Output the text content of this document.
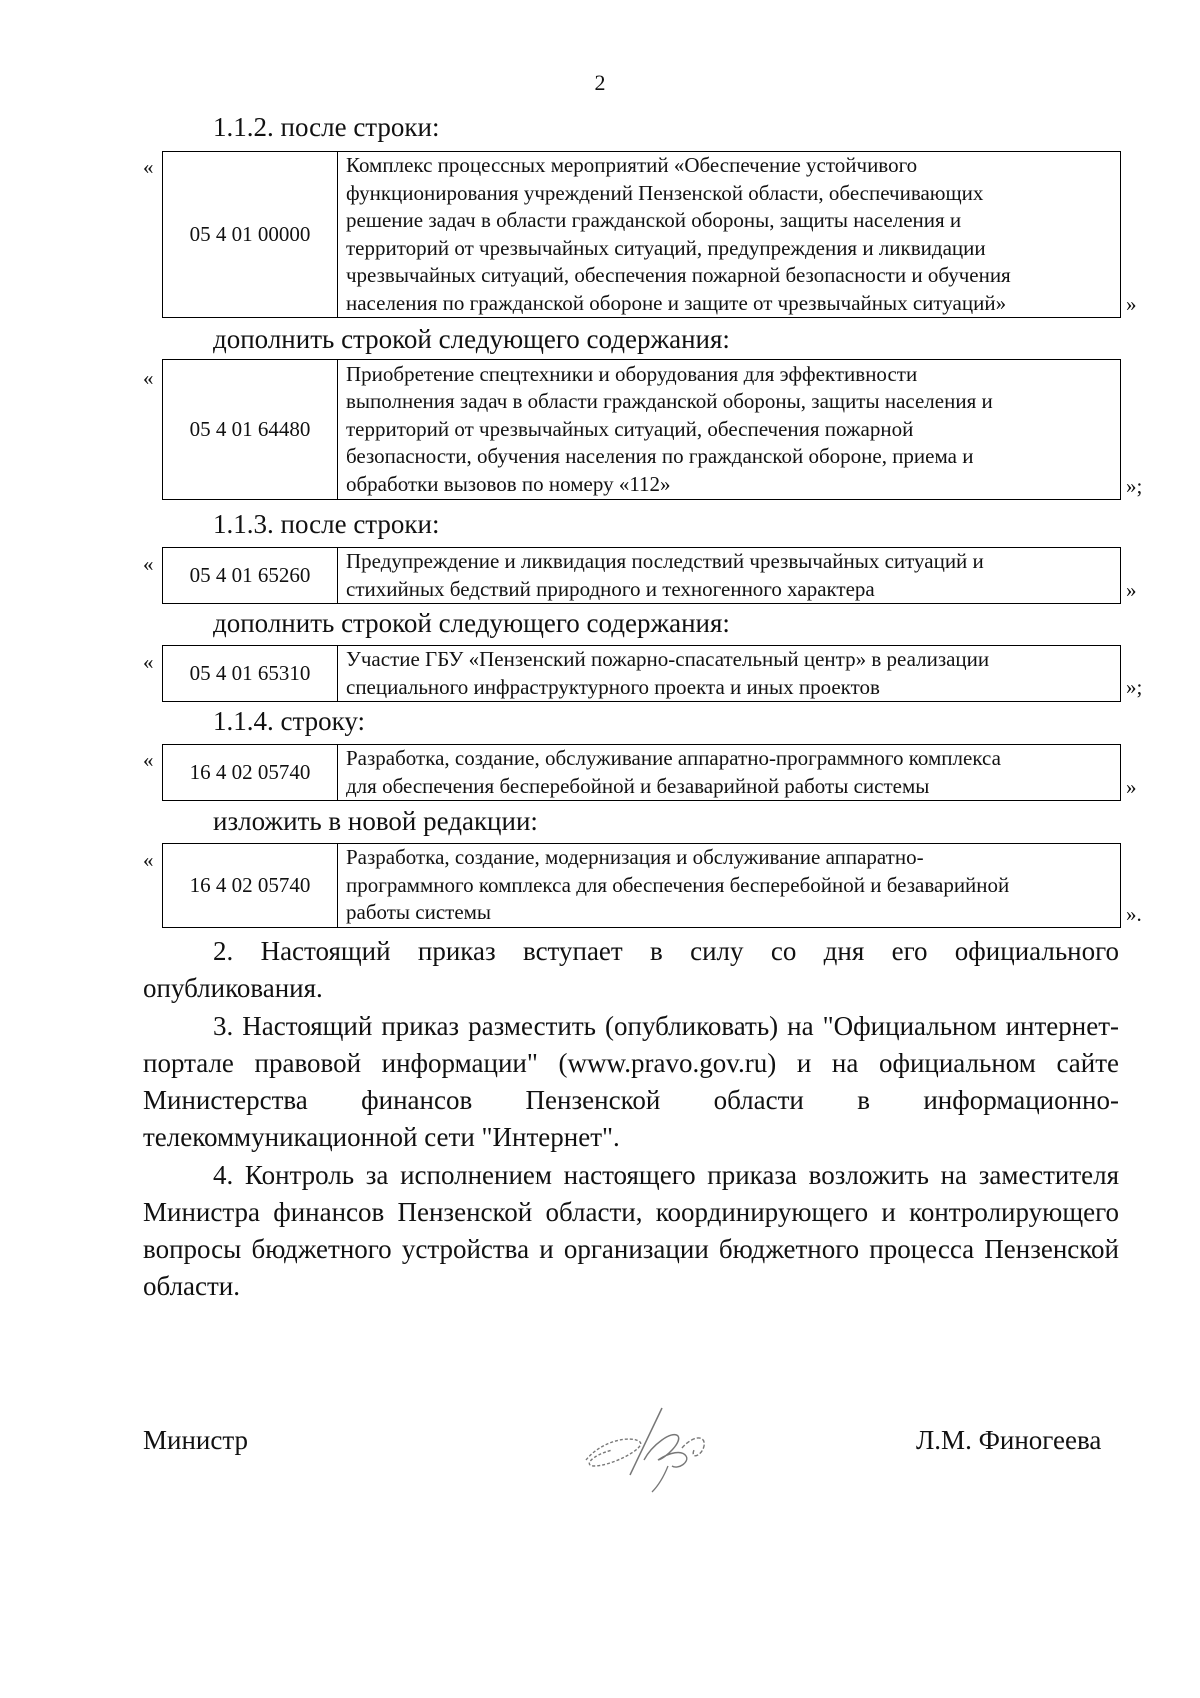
2
1.1.2. после строки:
«
05 4 01 00000	
Комплекс процессных мероприятий «Обеспечение устойчивого
функционирования учреждений Пензенской области, обеспечивающих
решение задач в области гражданской обороны, защиты населения и
территорий от чрезвычайных ситуаций, предупреждения и ликвидации
чрезвычайных ситуаций, обеспечения пожарной безопасности и обучения
населения по гражданской обороне и защите от чрезвычайных ситуаций»	»
дополнить строкой следующего содержания:
«
05 4 01 64480	
Приобретение спецтехники и оборудования для эффективности
выполнения задач в области гражданской обороны, защиты населения и
территорий от чрезвычайных ситуаций, обеспечения пожарной
безопасности, обучения населения по гражданской обороне, приема и
обработки вызовов по номеру «112»	»;
1.1.3. после строки:
« 05 4 01 65260	
Предупреждение и ликвидация последствий чрезвычайных ситуаций и
стихийных бедствий природного и техногенного характера	»
дополнить строкой следующего содержания:
« 05 4 01 65310	
Участие ГБУ «Пензенский пожарно-спасательный центр» в реализации
специального инфраструктурного проекта и иных проектов	»;
1.1.4. строку:
« 16 4 02 05740	
Разработка, создание, обслуживание аппаратно-программного комплекса
для обеспечения бесперебойной и безаварийной работы системы	»
изложить в новой редакции:
«
16 4 02 05740	
Разработка, создание, модернизация и обслуживание аппаратно-
программного комплекса для обеспечения бесперебойной и безаварийной
работы системы	».

2. Настоящий приказ вступает в силу со дня его официального опубликования.

3. Настоящий приказ разместить (опубликовать) на "Официальном интернет-портале правовой информации" (www.pravo.gov.ru) и на официальном сайте Министерства финансов Пензенской области в информационно-телекоммуникационной сети "Интернет".

4. Контроль за исполнением настоящего приказа возложить на заместителя Министра финансов Пензенской области, координирующего и контролирующего вопросы бюджетного устройства и организации бюджетного процесса Пензенской области.

Министр	Л.М. Финогеева
